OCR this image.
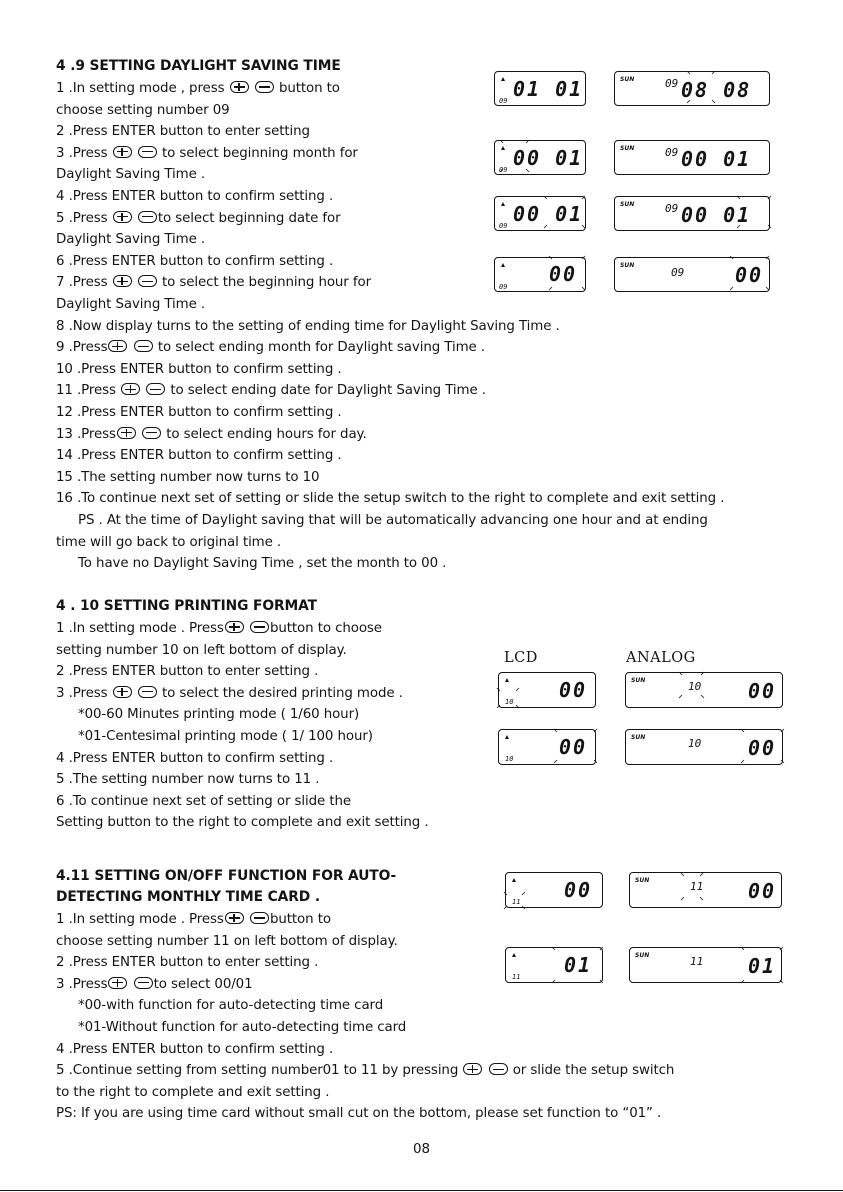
4 .9 SETTING DAYLIGHT SAVING TIME
1 .In setting mode , press	button to
choose setting number 09
2 .Press ENTER button to enter setting
3 .Press	to select beginning month for
Daylight Saving Time .
4 .Press ENTER button to confirm setting .
5 .Press	to select beginning date for
Daylight Saving Time .
6 .Press ENTER button to confirm setting .
7 .Press	to select the beginning hour for
Daylight Saving Time .
8 .Now display turns to the setting of ending time for Daylight Saving Time .
9 .Press	to select ending month for Daylight saving Time .
10 .Press ENTER button to confirm setting .
11 .Press	to select ending date for Daylight Saving Time .
12 .Press ENTER button to confirm setting .
13 .Press	to select ending hours for day.
14 .Press ENTER button to confirm setting .
15 .The setting number now turns to 10
16 .To continue next set of setting or slide the setup switch to the right to complete and exit setting .
PS . At the time of Daylight saving that will be automatically advancing one hour and at ending
time will go back to original time .
To have no Daylight Saving Time , set the month to 00 .
4 . 10 SETTING PRINTING FORMAT
1 .In setting mode . Press	button to choose
setting number 10 on left bottom of display.
2 .Press ENTER button to enter setting .
3 .Press	to select the desired printing mode .
*00-60 Minutes printing mode ( 1/60 hour)
*01-Centesimal printing mode ( 1/ 100 hour)
4 .Press ENTER button to confirm setting .
5 .The setting number now turns to 11 .
6 .To continue next set of setting or slide the
Setting button to the right to complete and exit setting .
4.11 SETTING ON/OFF FUNCTION FOR AUTO-
DETECTING MONTHLY TIME CARD .
1 .In setting mode . Press	button to
choose setting number 11 on left bottom of display.
2 .Press ENTER button to enter setting .
3 .Press	to select 00/01
*00-with function for auto-detecting time card
*01-Without function for auto-detecting time card
4 .Press ENTER button to confirm setting .
5 .Continue setting from setting number01 to 11 by pressing	or slide the setup switch
to the right to complete and exit setting .
PS: If you are using time card without small cut on the bottom, please set function to “01” .
01 01
09
SUN	09 08 08
00 01
09
SUN	09 00 01
00 01
09
SUN	09 00 01
00
09
SUN
09	00
LCD	ANALOG
00
10
SUN	10 00
00
10
SUN	10 00
00
11
SUN	11 00
01
11
SUN	11 01
08
